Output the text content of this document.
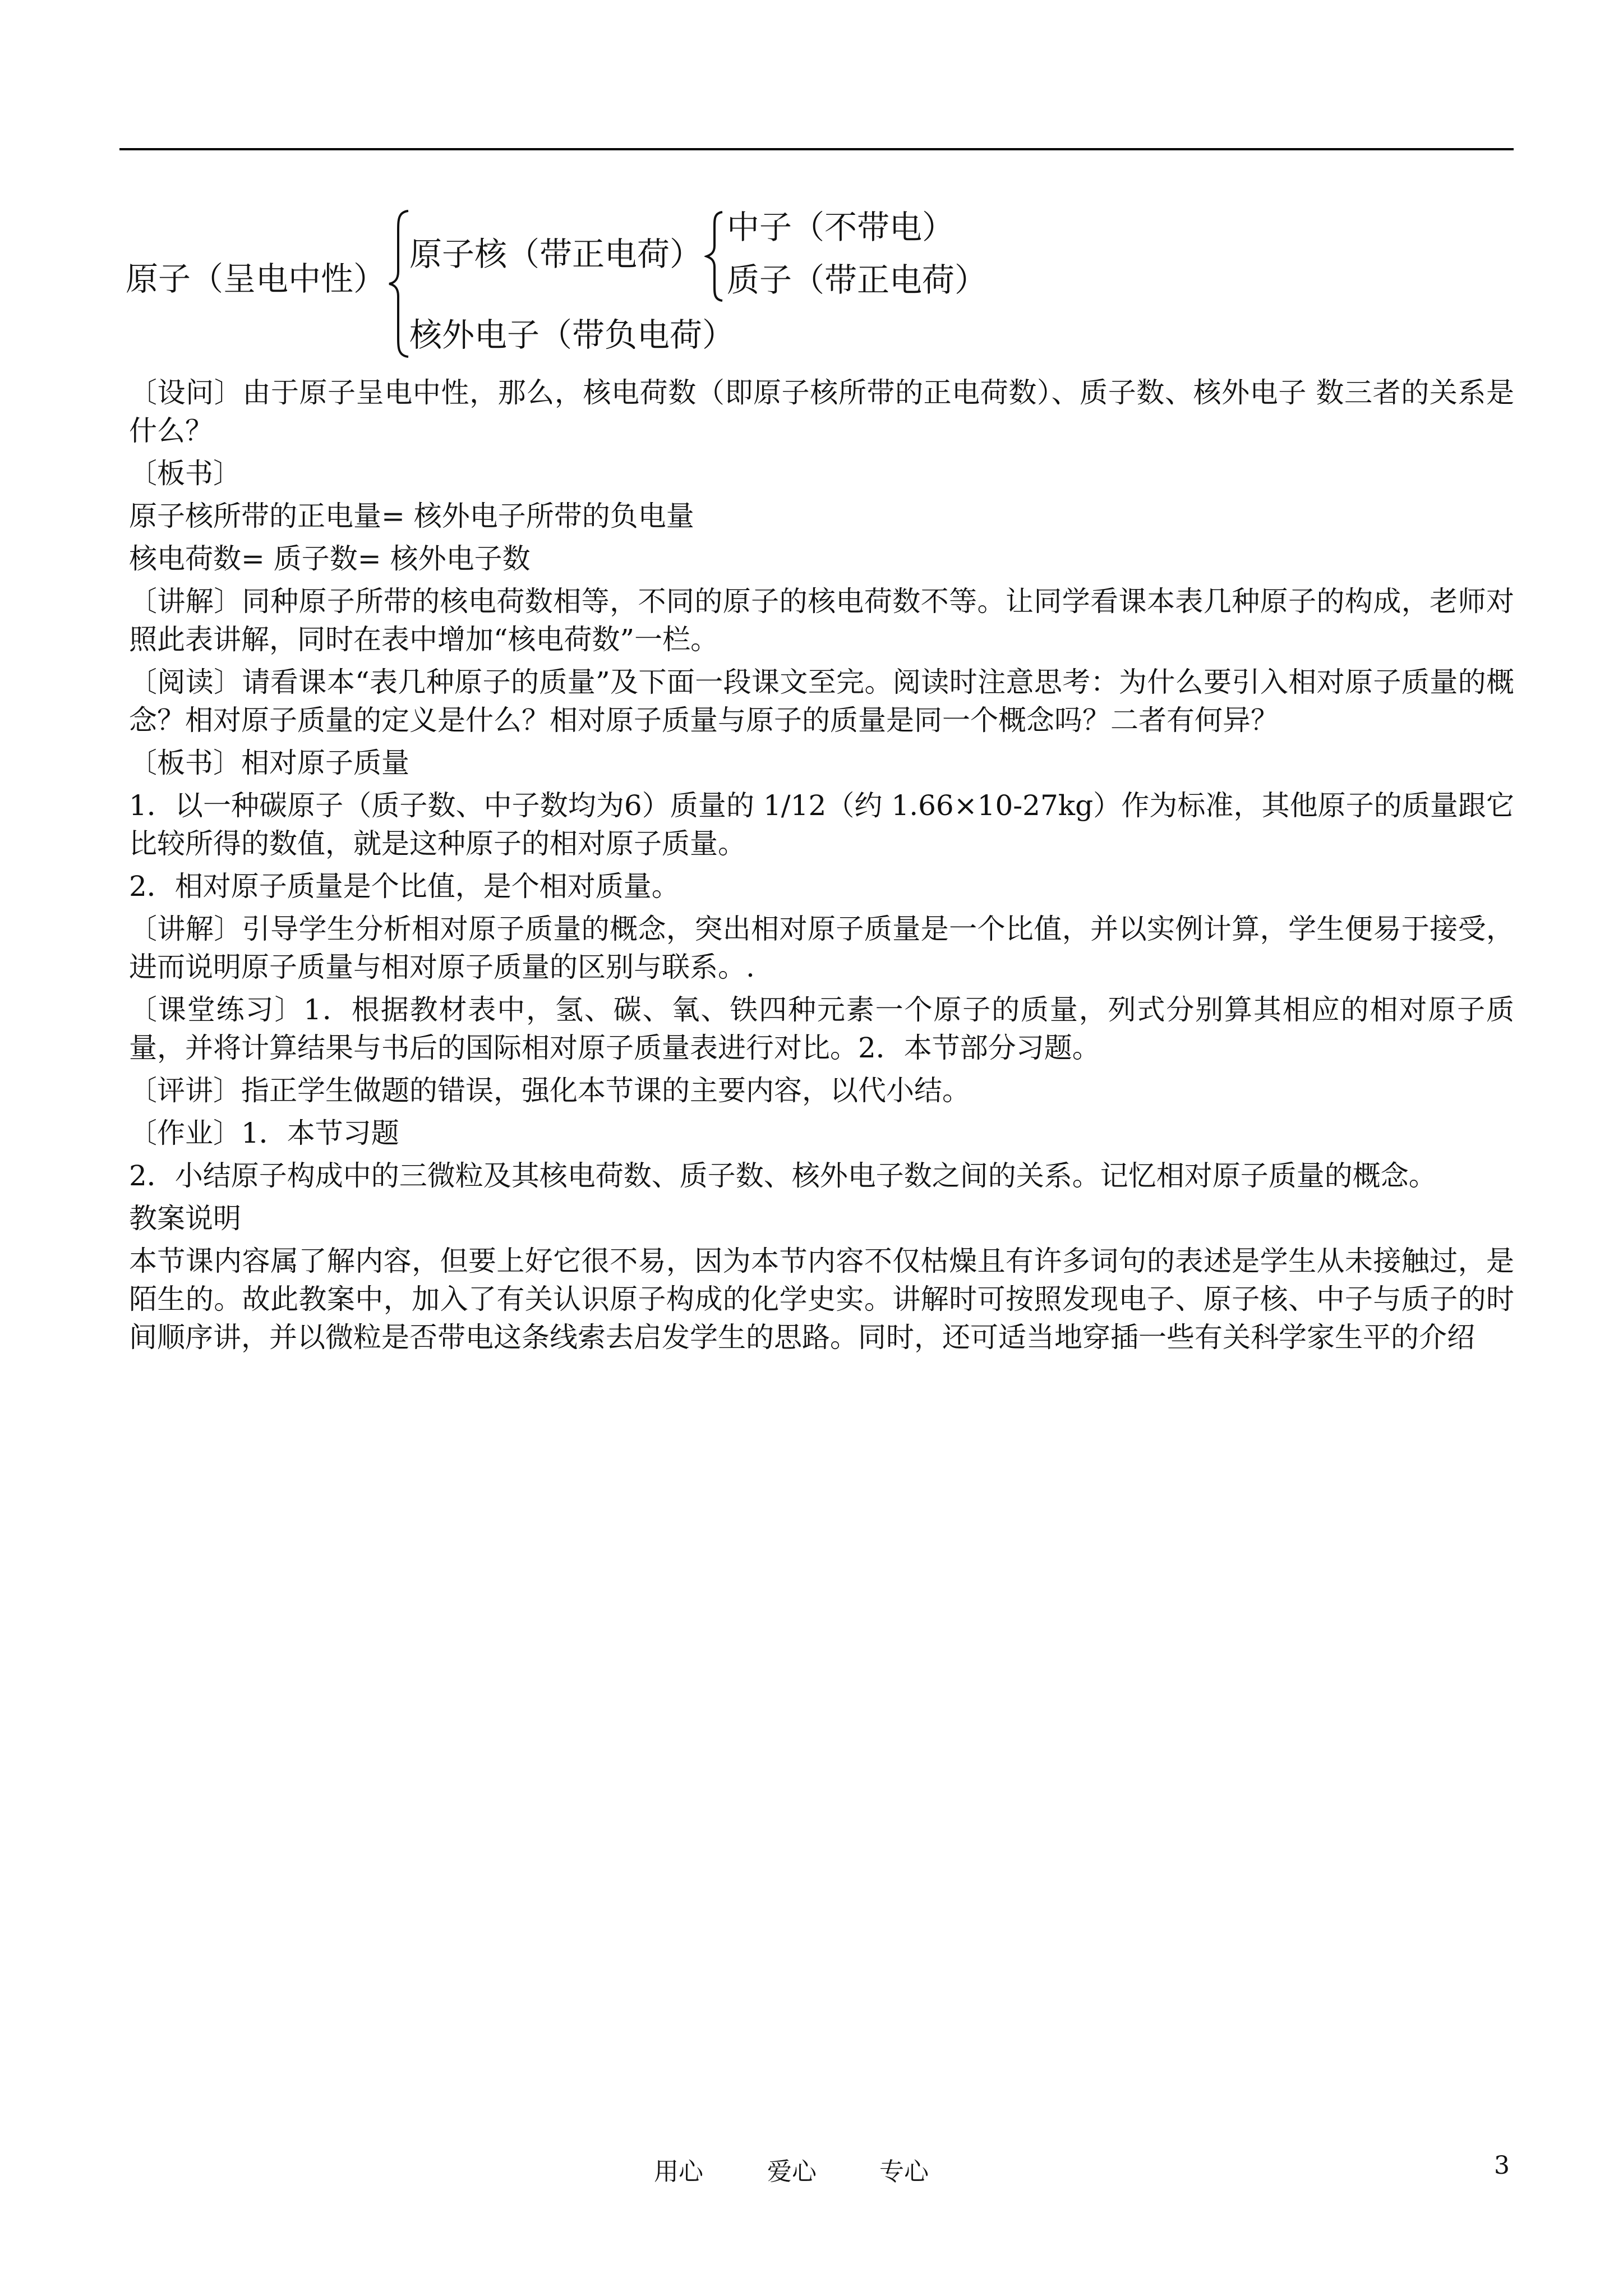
原子（呈电中性）
原子核（带正电荷）
核外电子（带负电荷）
中子（不带电）
质子（带正电荷）

〔设问〕由于原子呈电中性，那么，核电荷数（即原子核所带的正电荷数）、质子数、核外电子 数三者的关系是什么？

〔板书〕

原子核所带的正电量= 核外电子所带的负电量

核电荷数= 质子数= 核外电子数

〔讲解〕同种原子所带的核电荷数相等，不同的原子的核电荷数不等。让同学看课本表几种原子的构成，老师对照此表讲解，同时在表中增加“核电荷数”一栏。

〔阅读〕请看课本“表几种原子的质量”及下面一段课文至完。阅读时注意思考：为什么要引入相对原子质量的概念？相对原子质量的定义是什么？相对原子质量与原子的质量是同一个概念吗？二者有何异？

〔板书〕相对原子质量

1．以一种碳原子（质子数、中子数均为6）质量的 1/12（约 1.66×10-27kg）作为标准，其他原子的质量跟它比较所得的数值，就是这种原子的相对原子质量。

2．相对原子质量是个比值，是个相对质量。

〔讲解〕引导学生分析相对原子质量的概念，突出相对原子质量是一个比值，并以实例计算，学生便易于接受，进而说明原子质量与相对原子质量的区别与联系。.

〔课堂练习〕1．根据教材表中，氢、碳、氧、铁四种元素一个原子的质量，列式分别算其相应的相对原子质量，并将计算结果与书后的国际相对原子质量表进行对比。2．本节部分习题。

〔评讲〕指正学生做题的错误，强化本节课的主要内容，以代小结。

〔作业〕1．本节习题

2．小结原子构成中的三微粒及其核电荷数、质子数、核外电子数之间的关系。记忆相对原子质量的概念。

教案说明

本节课内容属了解内容，但要上好它很不易，因为本节内容不仅枯燥且有许多词句的表述是学生从未接触过，是陌生的。故此教案中，加入了有关认识原子构成的化学史实。讲解时可按照发现电子、原子核、中子与质子的时间顺序讲，并以微粒是否带电这条线索去启发学生的思路。同时，还可适当地穿插一些有关科学家生平的介绍

用心	爱心	专心	3
